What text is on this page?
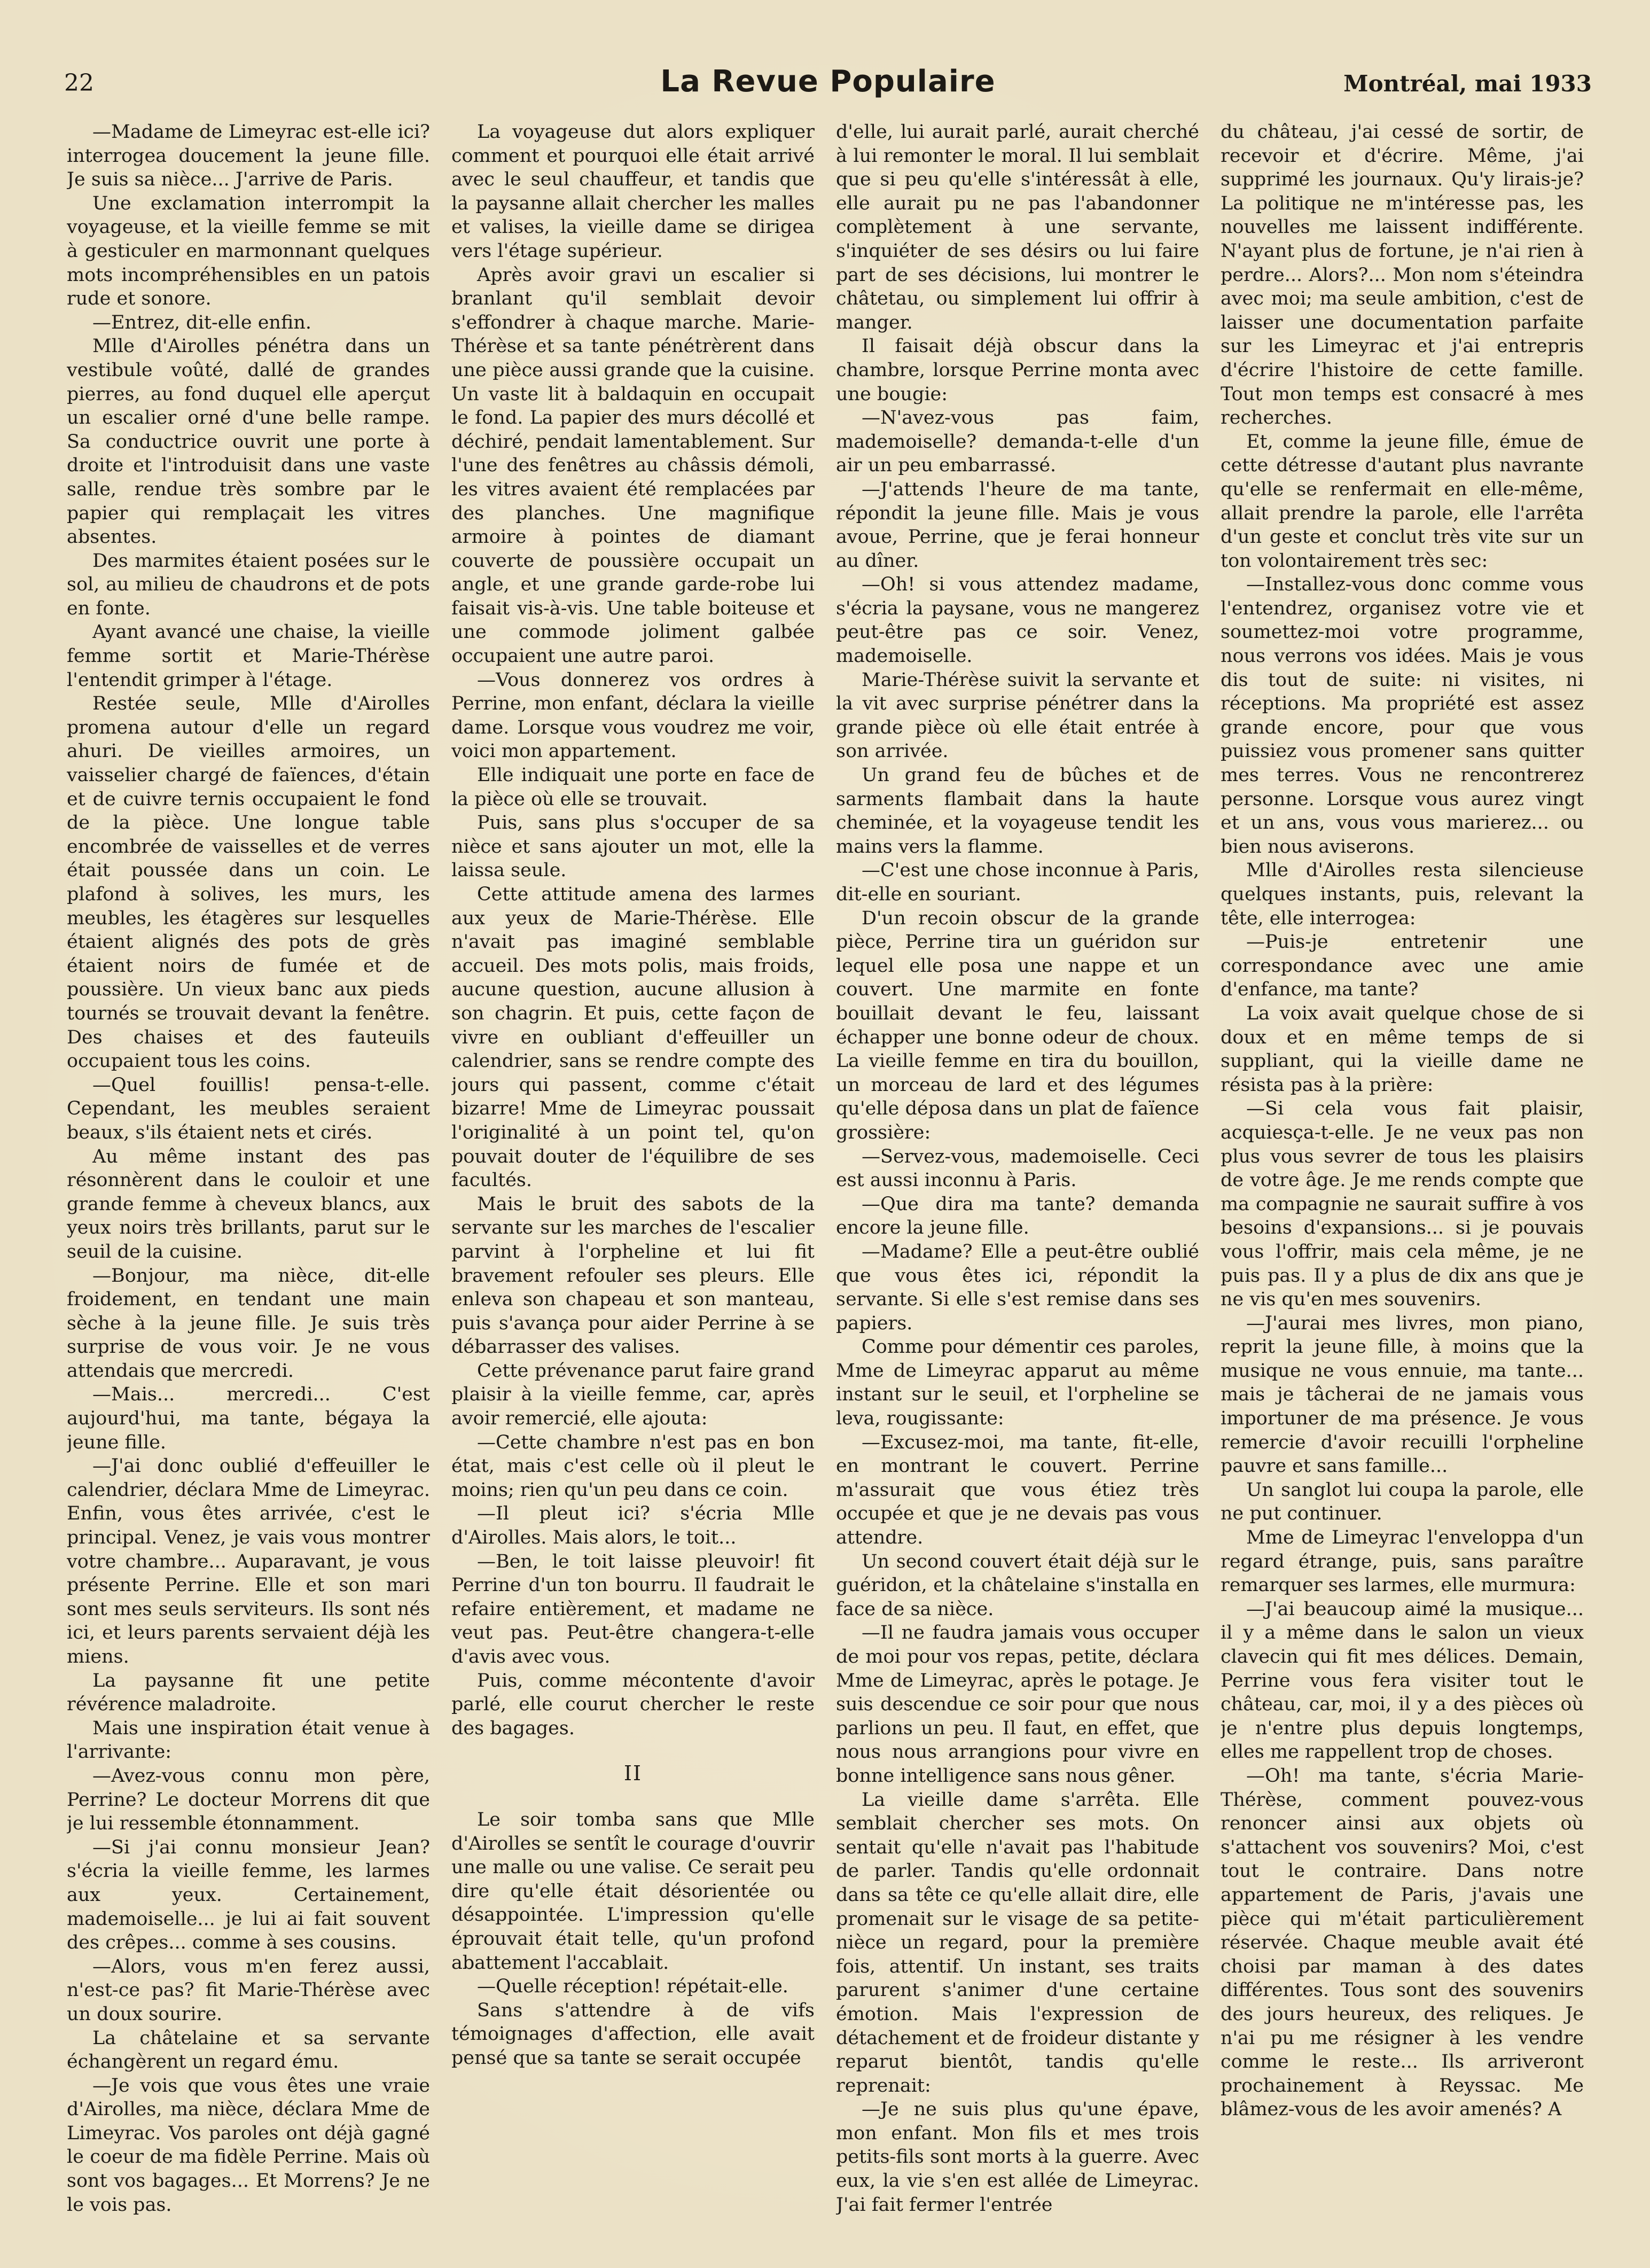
22	La Revue Populaire	Montréal, mai 1933

—Madame de Limeyrac est-elle ici? interrogea doucement la jeune fille. Je suis sa nièce... J'arrive de Paris.

Une exclamation interrompit la voyageuse, et la vieille femme se mit à gesticuler en marmonnant quelques mots incompréhensibles en un patois rude et sonore.

—Entrez, dit-elle enfin.

Mlle d'Airolles pénétra dans un vestibule voûté, dallé de grandes pierres, au fond duquel elle aperçut un escalier orné d'une belle rampe. Sa conductrice ouvrit une porte à droite et l'introduisit dans une vaste salle, rendue très sombre par le papier qui remplaçait les vitres absentes.

Des marmites étaient posées sur le sol, au milieu de chaudrons et de pots en fonte.

Ayant avancé une chaise, la vieille femme sortit et Marie-Thérèse l'entendit grimper à l'étage.

Restée seule, Mlle d'Airolles promena autour d'elle un regard ahuri. De vieilles armoires, un vaisselier chargé de faïences, d'étain et de cuivre ternis occupaient le fond de la pièce. Une longue table encombrée de vaisselles et de verres était poussée dans un coin. Le plafond à solives, les murs, les meubles, les étagères sur lesquelles étaient alignés des pots de grès étaient noirs de fumée et de poussière. Un vieux banc aux pieds tournés se trouvait devant la fenêtre. Des chaises et des fauteuils occupaient tous les coins.

—Quel fouillis! pensa-t-elle. Cependant, les meubles seraient beaux, s'ils étaient nets et cirés.

Au même instant des pas résonnèrent dans le couloir et une grande femme à cheveux blancs, aux yeux noirs très brillants, parut sur le seuil de la cuisine.

—Bonjour, ma nièce, dit-elle froidement, en tendant une main sèche à la jeune fille. Je suis très surprise de vous voir. Je ne vous attendais que mercredi.

—Mais... mercredi... C'est aujourd'hui, ma tante, bégaya la jeune fille.

—J'ai donc oublié d'effeuiller le calendrier, déclara Mme de Limeyrac. Enfin, vous êtes arrivée, c'est le principal. Venez, je vais vous montrer votre chambre... Auparavant, je vous présente Perrine. Elle et son mari sont mes seuls serviteurs. Ils sont nés ici, et leurs parents servaient déjà les miens.

La paysanne fit une petite révérence maladroite.

Mais une inspiration était venue à l'arrivante:

—Avez-vous connu mon père, Perrine? Le docteur Morrens dit que je lui ressemble étonnamment.

—Si j'ai connu monsieur Jean? s'écria la vieille femme, les larmes aux yeux. Certainement, mademoiselle... je lui ai fait souvent des crêpes... comme à ses cousins.

—Alors, vous m'en ferez aussi, n'est-ce pas? fit Marie-Thérèse avec un doux sourire.

La châtelaine et sa servante échangèrent un regard ému.

—Je vois que vous êtes une vraie d'Airolles, ma nièce, déclara Mme de Limeyrac. Vos paroles ont déjà gagné le coeur de ma fidèle Perrine. Mais où sont vos bagages... Et Morrens? Je ne le vois pas.

La voyageuse dut alors expliquer comment et pourquoi elle était arrivé avec le seul chauffeur, et tandis que la paysanne allait chercher les malles et valises, la vieille dame se dirigea vers l'étage supérieur.

Après avoir gravi un escalier si branlant qu'il semblait devoir s'effondrer à chaque marche. Marie-Thérèse et sa tante pénétrèrent dans une pièce aussi grande que la cuisine. Un vaste lit à baldaquin en occupait le fond. La papier des murs décollé et déchiré, pendait lamentablement. Sur l'une des fenêtres au châssis démoli, les vitres avaient été remplacées par des planches. Une magnifique armoire à pointes de diamant couverte de poussière occupait un angle, et une grande garde-robe lui faisait vis-à-vis. Une table boiteuse et une commode joliment galbée occupaient une autre paroi.

—Vous donnerez vos ordres à Perrine, mon enfant, déclara la vieille dame. Lorsque vous voudrez me voir, voici mon appartement.

Elle indiquait une porte en face de la pièce où elle se trouvait.

Puis, sans plus s'occuper de sa nièce et sans ajouter un mot, elle la laissa seule.

Cette attitude amena des larmes aux yeux de Marie-Thérèse. Elle n'avait pas imaginé semblable accueil. Des mots polis, mais froids, aucune question, aucune allusion à son chagrin. Et puis, cette façon de vivre en oubliant d'effeuiller un calendrier, sans se rendre compte des jours qui passent, comme c'était bizarre! Mme de Limeyrac poussait l'originalité à un point tel, qu'on pouvait douter de l'équilibre de ses facultés.

Mais le bruit des sabots de la servante sur les marches de l'escalier parvint à l'orpheline et lui fit bravement refouler ses pleurs. Elle enleva son chapeau et son manteau, puis s'avança pour aider Perrine à se débarrasser des valises.

Cette prévenance parut faire grand plaisir à la vieille femme, car, après avoir remercié, elle ajouta:

—Cette chambre n'est pas en bon état, mais c'est celle où il pleut le moins; rien qu'un peu dans ce coin.

—Il pleut ici? s'écria Mlle d'Airolles. Mais alors, le toit...

—Ben, le toit laisse pleuvoir! fit Perrine d'un ton bourru. Il faudrait le refaire entièrement, et madame ne veut pas. Peut-être changera-t-elle d'avis avec vous.

Puis, comme mécontente d'avoir parlé, elle courut chercher le reste des bagages.

II

Le soir tomba sans que Mlle d'Airolles se sentît le courage d'ouvrir une malle ou une valise. Ce serait peu dire qu'elle était désorientée ou désappointée. L'impression qu'elle éprouvait était telle, qu'un profond abattement l'accablait.

—Quelle réception! répétait-elle.

Sans s'attendre à de vifs témoignages d'affection, elle avait pensé que sa tante se serait occupée

d'elle, lui aurait parlé, aurait cherché à lui remonter le moral. Il lui semblait que si peu qu'elle s'intéressât à elle, elle aurait pu ne pas l'abandonner complètement à une servante, s'inquiéter de ses désirs ou lui faire part de ses décisions, lui montrer le châtetau, ou simplement lui offrir à manger.

Il faisait déjà obscur dans la chambre, lorsque Perrine monta avec une bougie:

—N'avez-vous pas faim, mademoiselle? demanda-t-elle d'un air un peu embarrassé.

—J'attends l'heure de ma tante, répondit la jeune fille. Mais je vous avoue, Perrine, que je ferai honneur au dîner.

—Oh! si vous attendez madame, s'écria la paysane, vous ne mangerez peut-être pas ce soir. Venez, mademoiselle.

Marie-Thérèse suivit la servante et la vit avec surprise pénétrer dans la grande pièce où elle était entrée à son arrivée.

Un grand feu de bûches et de sarments flambait dans la haute cheminée, et la voyageuse tendit les mains vers la flamme.

—C'est une chose inconnue à Paris, dit-elle en souriant.

D'un recoin obscur de la grande pièce, Perrine tira un guéridon sur lequel elle posa une nappe et un couvert. Une marmite en fonte bouillait devant le feu, laissant échapper une bonne odeur de choux. La vieille femme en tira du bouillon, un morceau de lard et des légumes qu'elle déposa dans un plat de faïence grossière:

—Servez-vous, mademoiselle. Ceci est aussi inconnu à Paris.

—Que dira ma tante? demanda encore la jeune fille.

—Madame? Elle a peut-être oublié que vous êtes ici, répondit la servante. Si elle s'est remise dans ses papiers.

Comme pour démentir ces paroles, Mme de Limeyrac apparut au même instant sur le seuil, et l'orpheline se leva, rougissante:

—Excusez-moi, ma tante, fit-elle, en montrant le couvert. Perrine m'assurait que vous étiez très occupée et que je ne devais pas vous attendre.

Un second couvert était déjà sur le guéridon, et la châtelaine s'installa en face de sa nièce.

—Il ne faudra jamais vous occuper de moi pour vos repas, petite, déclara Mme de Limeyrac, après le potage. Je suis descendue ce soir pour que nous parlions un peu. Il faut, en effet, que nous nous arrangions pour vivre en bonne intelligence sans nous gêner.

La vieille dame s'arrêta. Elle semblait chercher ses mots. On sentait qu'elle n'avait pas l'habitude de parler. Tandis qu'elle ordonnait dans sa tête ce qu'elle allait dire, elle promenait sur le visage de sa petite-nièce un regard, pour la première fois, attentif. Un instant, ses traits parurent s'animer d'une certaine émotion. Mais l'expression de détachement et de froideur distante y reparut bientôt, tandis qu'elle reprenait:

—Je ne suis plus qu'une épave, mon enfant. Mon fils et mes trois petits-fils sont morts à la guerre. Avec eux, la vie s'en est allée de Limeyrac. J'ai fait fermer l'entrée

du château, j'ai cessé de sortir, de recevoir et d'écrire. Même, j'ai supprimé les journaux. Qu'y lirais-je? La politique ne m'intéresse pas, les nouvelles me laissent indifférente. N'ayant plus de fortune, je n'ai rien à perdre... Alors?... Mon nom s'éteindra avec moi; ma seule ambition, c'est de laisser une documentation parfaite sur les Limeyrac et j'ai entrepris d'écrire l'histoire de cette famille. Tout mon temps est consacré à mes recherches.

Et, comme la jeune fille, émue de cette détresse d'autant plus navrante qu'elle se renfermait en elle-même, allait prendre la parole, elle l'arrêta d'un geste et conclut très vite sur un ton volontairement très sec:

—Installez-vous donc comme vous l'entendrez, organisez votre vie et soumettez-moi votre programme, nous verrons vos idées. Mais je vous dis tout de suite: ni visites, ni réceptions. Ma propriété est assez grande encore, pour que vous puissiez vous promener sans quitter mes terres. Vous ne rencontrerez personne. Lorsque vous aurez vingt et un ans, vous vous marierez... ou bien nous aviserons.

Mlle d'Airolles resta silencieuse quelques instants, puis, relevant la tête, elle interrogea:

—Puis-je entretenir une correspondance avec une amie d'enfance, ma tante?

La voix avait quelque chose de si doux et en même temps de si suppliant, qui la vieille dame ne résista pas à la prière:

—Si cela vous fait plaisir, acquiesça-t-elle. Je ne veux pas non plus vous sevrer de tous les plaisirs de votre âge. Je me rends compte que ma compagnie ne saurait suffire à vos besoins d'expansions... si je pouvais vous l'offrir, mais cela même, je ne puis pas. Il y a plus de dix ans que je ne vis qu'en mes souvenirs.

—J'aurai mes livres, mon piano, reprit la jeune fille, à moins que la musique ne vous ennuie, ma tante... mais je tâcherai de ne jamais vous importuner de ma présence. Je vous remercie d'avoir recuilli l'orpheline pauvre et sans famille...

Un sanglot lui coupa la parole, elle ne put continuer.

Mme de Limeyrac l'enveloppa d'un regard étrange, puis, sans paraître remarquer ses larmes, elle murmura:

—J'ai beaucoup aimé la musique... il y a même dans le salon un vieux clavecin qui fit mes délices. Demain, Perrine vous fera visiter tout le château, car, moi, il y a des pièces où je n'entre plus depuis longtemps, elles me rappellent trop de choses.

—Oh! ma tante, s'écria Marie-Thérèse, comment pouvez-vous renoncer ainsi aux objets où s'attachent vos souvenirs? Moi, c'est tout le contraire. Dans notre appartement de Paris, j'avais une pièce qui m'était particulièrement réservée. Chaque meuble avait été choisi par maman à des dates différentes. Tous sont des souvenirs des jours heureux, des reliques. Je n'ai pu me résigner à les vendre comme le reste... Ils arriveront prochainement à Reyssac. Me blâmez-vous de les avoir amenés? A
